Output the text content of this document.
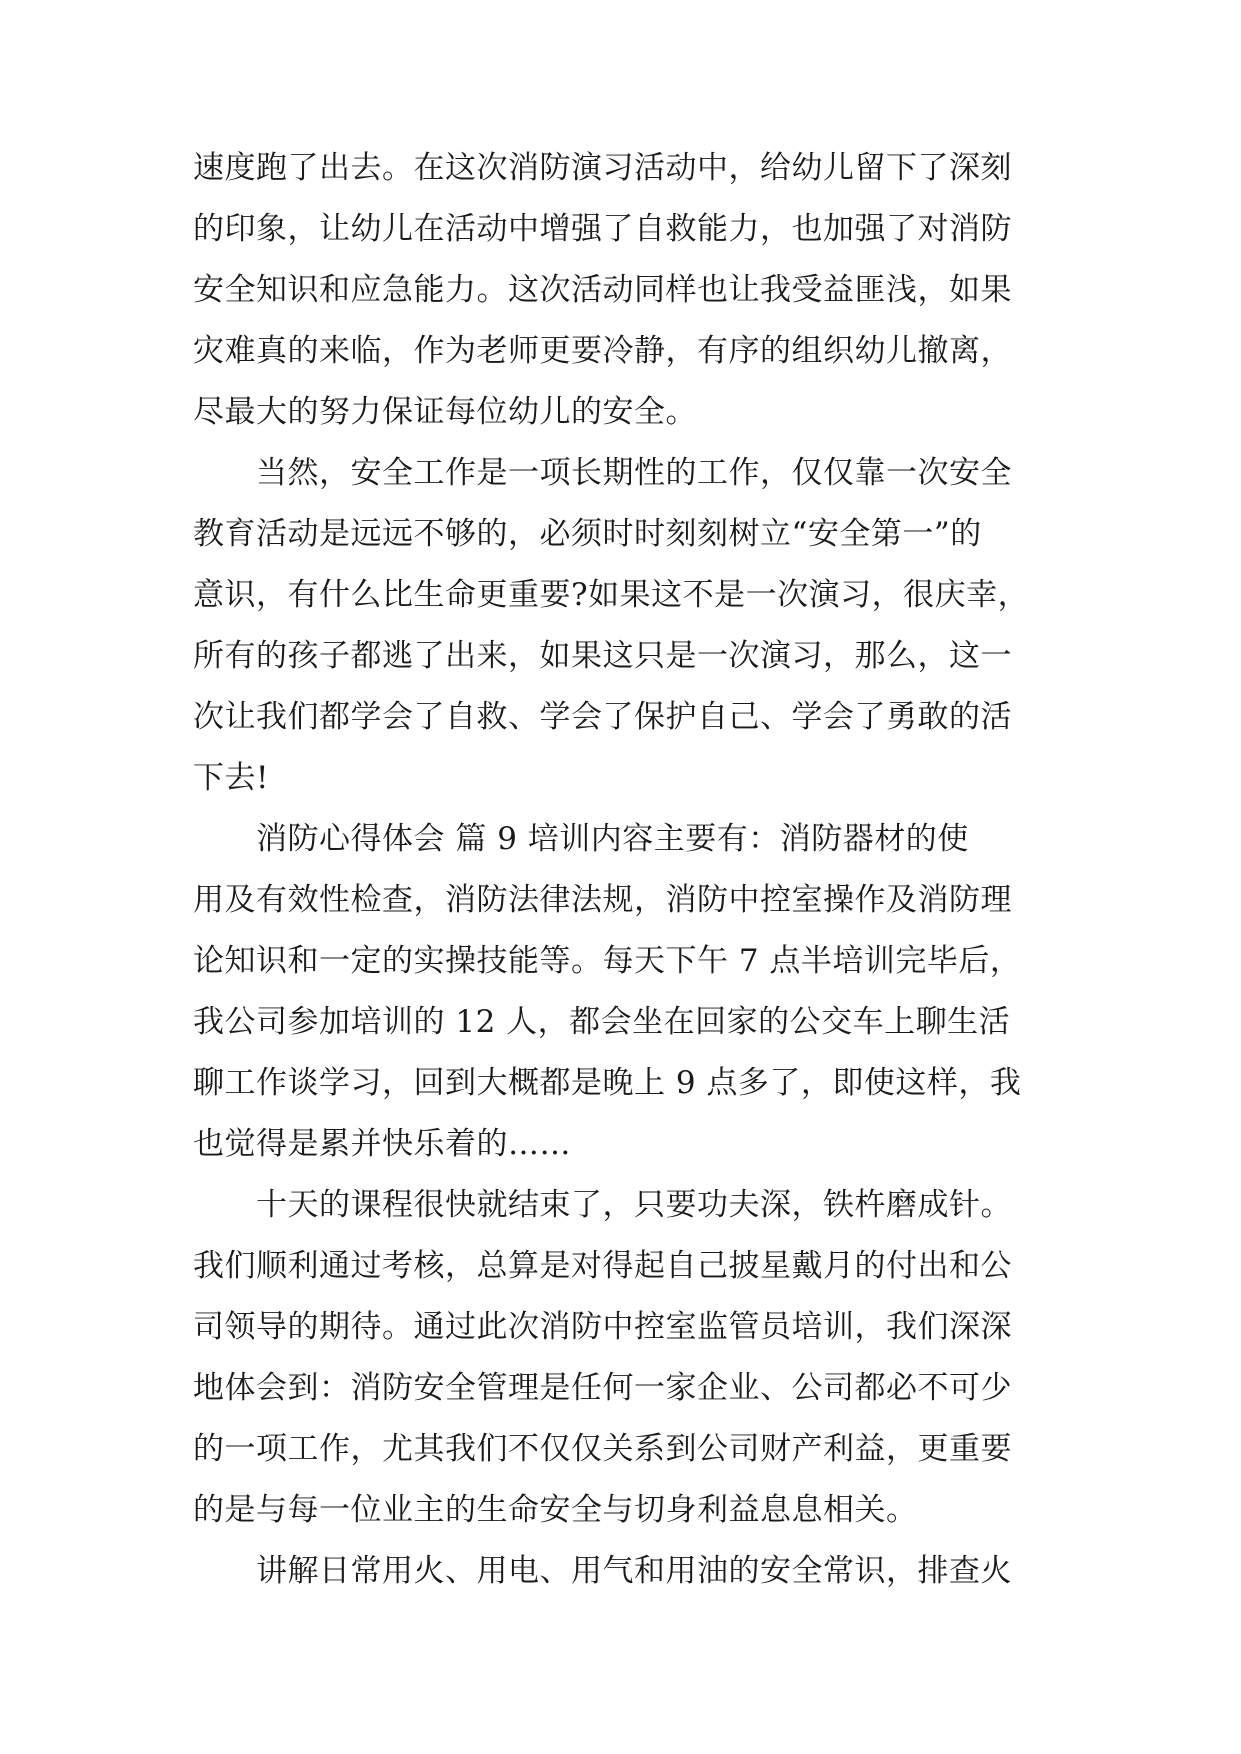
速度跑了出去。在这次消防演习活动中，给幼儿留下了深刻
的印象，让幼儿在活动中增强了自救能力，也加强了对消防
安全知识和应急能力。这次活动同样也让我受益匪浅，如果
灾难真的来临，作为老师更要冷静，有序的组织幼儿撤离，
尽最大的努力保证每位幼儿的安全。
当然，安全工作是一项长期性的工作，仅仅靠一次安全
教育活动是远远不够的，必须时时刻刻树立“安全第一”的
意识，有什么比生命更重要?如果这不是一次演习，很庆幸，
所有的孩子都逃了出来，如果这只是一次演习，那么，这一
次让我们都学会了自救、学会了保护自己、学会了勇敢的活
下去!
消防心得体会 篇 9 培训内容主要有：消防器材的使
用及有效性检查，消防法律法规，消防中控室操作及消防理
论知识和一定的实操技能等。每天下午 7 点半培训完毕后，
我公司参加培训的 12 人，都会坐在回家的公交车上聊生活
聊工作谈学习，回到大概都是晚上 9 点多了，即使这样，我
也觉得是累并快乐着的……
十天的课程很快就结束了，只要功夫深，铁杵磨成针。
我们顺利通过考核，总算是对得起自己披星戴月的付出和公
司领导的期待。通过此次消防中控室监管员培训，我们深深
地体会到：消防安全管理是任何一家企业、公司都必不可少
的一项工作，尤其我们不仅仅关系到公司财产利益，更重要
的是与每一位业主的生命安全与切身利益息息相关。
讲解日常用火、用电、用气和用油的安全常识，排查火
